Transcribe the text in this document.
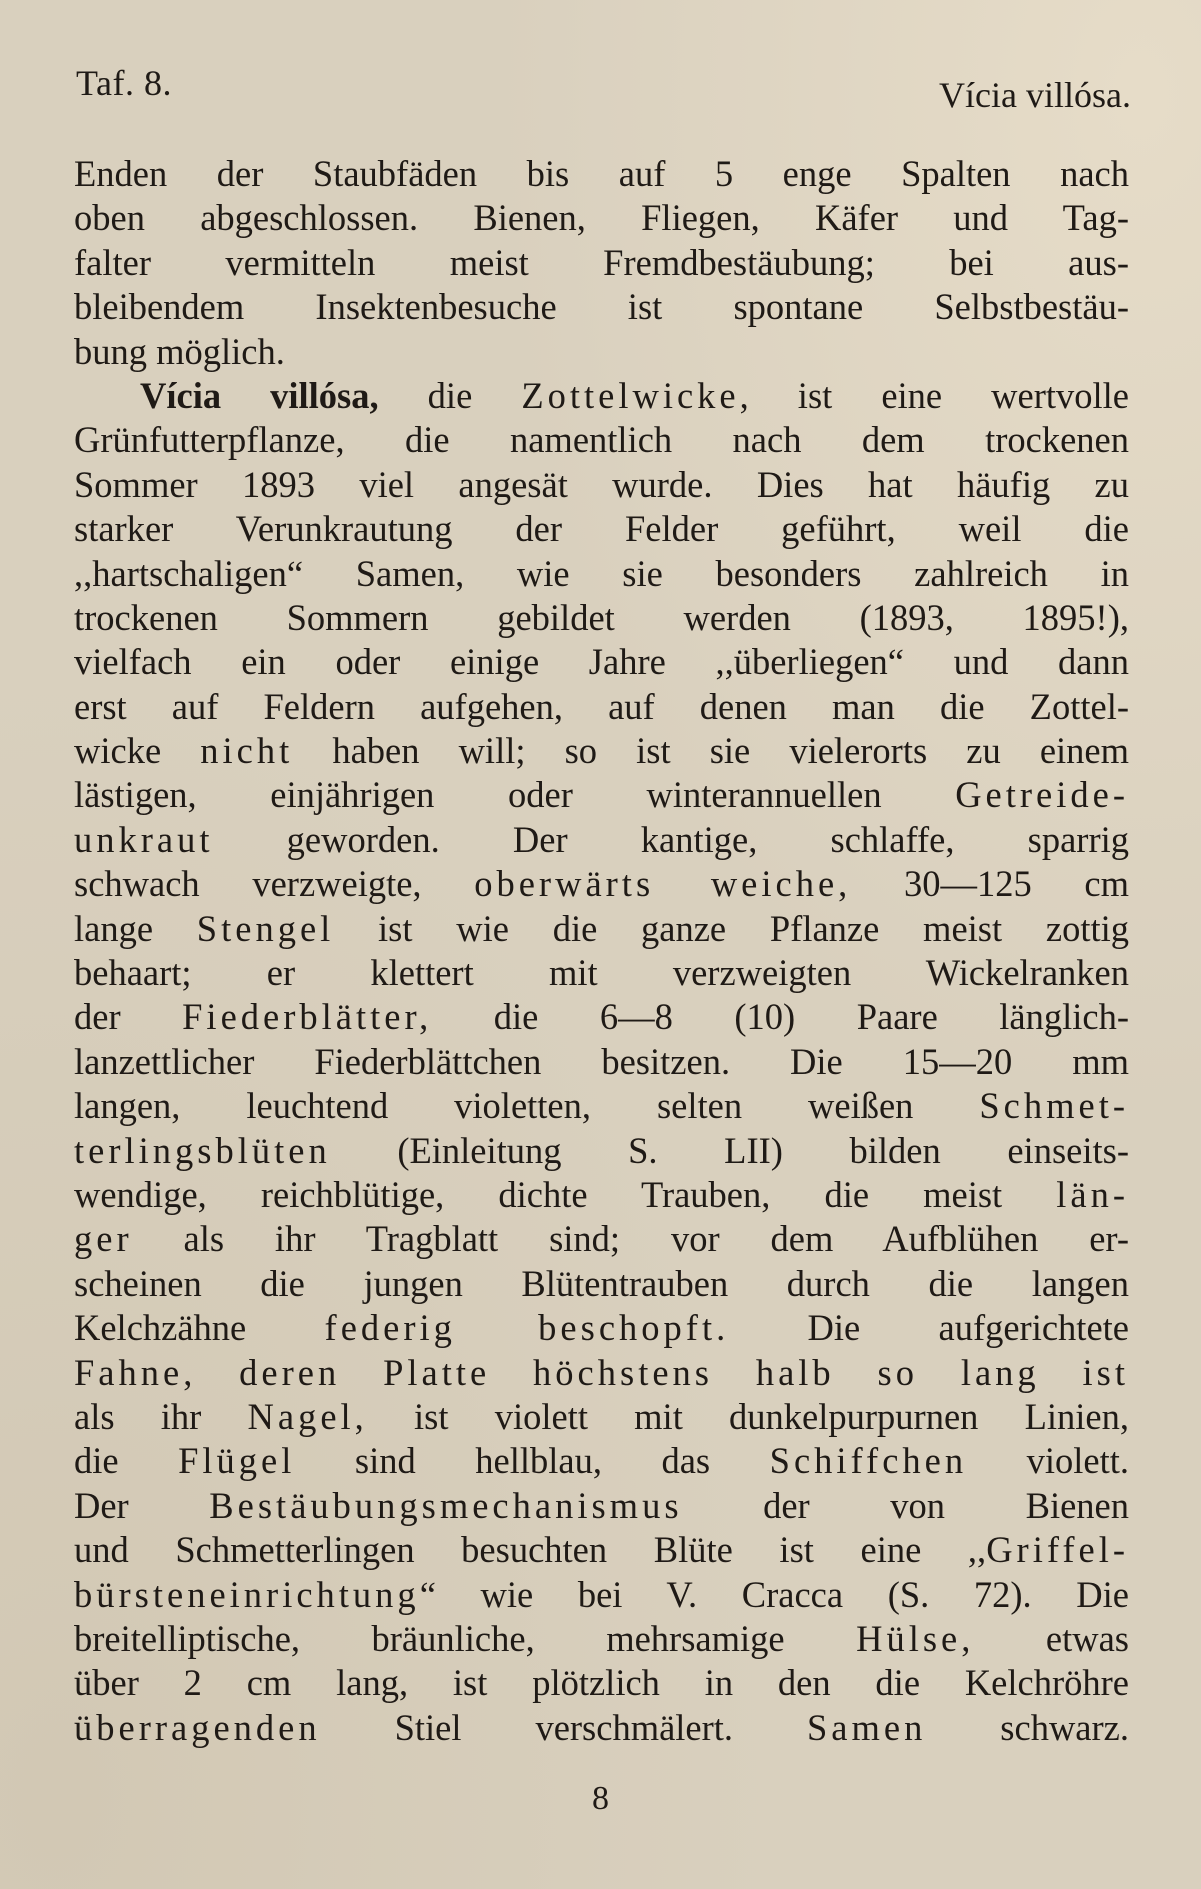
Taf. 8.	Vícia villósa.
Enden der Staubfäden bis auf 5 enge Spalten nach
oben abgeschlossen. Bienen, Fliegen, Käfer und Tag-
falter vermitteln meist Fremdbestäubung; bei aus-
bleibendem Insektenbesuche ist spontane Selbstbestäu-
bung möglich.
Vícia villósa, die Zottelwicke, ist eine wertvolle
Grünfutterpflanze, die namentlich nach dem trockenen
Sommer 1893 viel angesät wurde. Dies hat häufig zu
starker Verunkrautung der Felder geführt, weil die
,,hartschaligen“ Samen, wie sie besonders zahlreich in
trockenen Sommern gebildet werden (1893, 1895!),
vielfach ein oder einige Jahre ,,überliegen“ und dann
erst auf Feldern aufgehen, auf denen man die Zottel-
wicke nicht haben will; so ist sie vielerorts zu einem
lästigen, einjährigen oder winterannuellen Getreide-
unkraut geworden. Der kantige, schlaffe, sparrig
schwach verzweigte, oberwärts weiche, 30—125 cm
lange Stengel ist wie die ganze Pflanze meist zottig
behaart; er klettert mit verzweigten Wickelranken
der Fiederblätter, die 6—8 (10) Paare länglich-
lanzettlicher Fiederblättchen besitzen. Die 15—20 mm
langen, leuchtend violetten, selten weißen Schmet-
terlingsblüten (Einleitung S. LII) bilden einseits-
wendige, reichblütige, dichte Trauben, die meist län-
ger als ihr Tragblatt sind; vor dem Aufblühen er-
scheinen die jungen Blütentrauben durch die langen
Kelchzähne federig beschopft. Die aufgerichtete
Fahne, deren Platte höchstens halb so lang ist
als ihr Nagel, ist violett mit dunkelpurpurnen Linien,
die Flügel sind hellblau, das Schiffchen violett.
Der Bestäubungsmechanismus der von Bienen
und Schmetterlingen besuchten Blüte ist eine ,,Griffel-
bürsteneinrichtung“ wie bei V. Cracca (S. 72). Die
breitelliptische, bräunliche, mehrsamige Hülse, etwas
über 2 cm lang, ist plötzlich in den die Kelchröhre
überragenden Stiel verschmälert. Samen schwarz.
8
